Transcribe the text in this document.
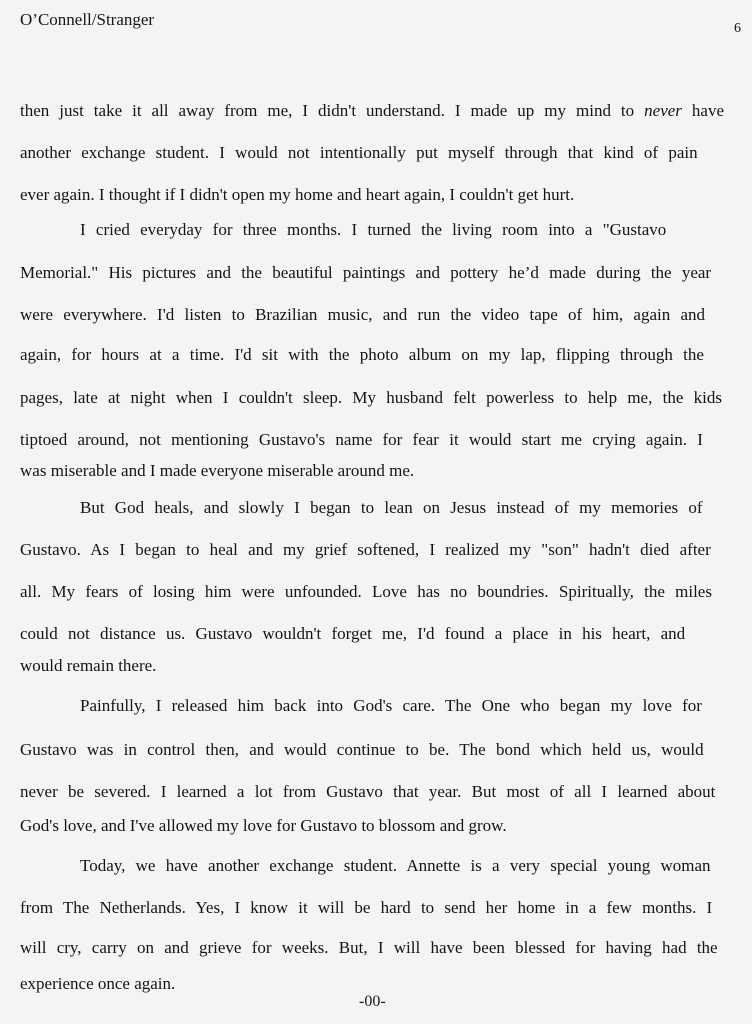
O’Connell/Stranger	6
then just take it all away from me, I didn't understand. I made up my mind to never have
another exchange student. I would not intentionally put myself through that kind of pain
ever again. I thought if I didn't open my home and heart again, I couldn't get hurt.
I cried everyday for three months. I turned the living room into a "Gustavo
Memorial." His pictures and the beautiful paintings and pottery he’d made during the year
were everywhere. I'd listen to Brazilian music, and run the video tape of him, again and
again, for hours at a time. I'd sit with the photo album on my lap, flipping through the
pages, late at night when I couldn't sleep. My husband felt powerless to help me, the kids
tiptoed around, not mentioning Gustavo's name for fear it would start me crying again. I
was miserable and I made everyone miserable around me.
But God heals, and slowly I began to lean on Jesus instead of my memories of
Gustavo. As I began to heal and my grief softened, I realized my "son" hadn't died after
all. My fears of losing him were unfounded. Love has no boundries. Spiritually, the miles
could not distance us. Gustavo wouldn't forget me, I'd found a place in his heart, and
would remain there.
Painfully, I released him back into God's care. The One who began my love for
Gustavo was in control then, and would continue to be. The bond which held us, would
never be severed. I learned a lot from Gustavo that year. But most of all I learned about
God's love, and I've allowed my love for Gustavo to blossom and grow.
Today, we have another exchange student. Annette is a very special young woman
from The Netherlands. Yes, I know it will be hard to send her home in a few months. I
will cry, carry on and grieve for weeks. But, I will have been blessed for having had the
experience once again.
-00-
